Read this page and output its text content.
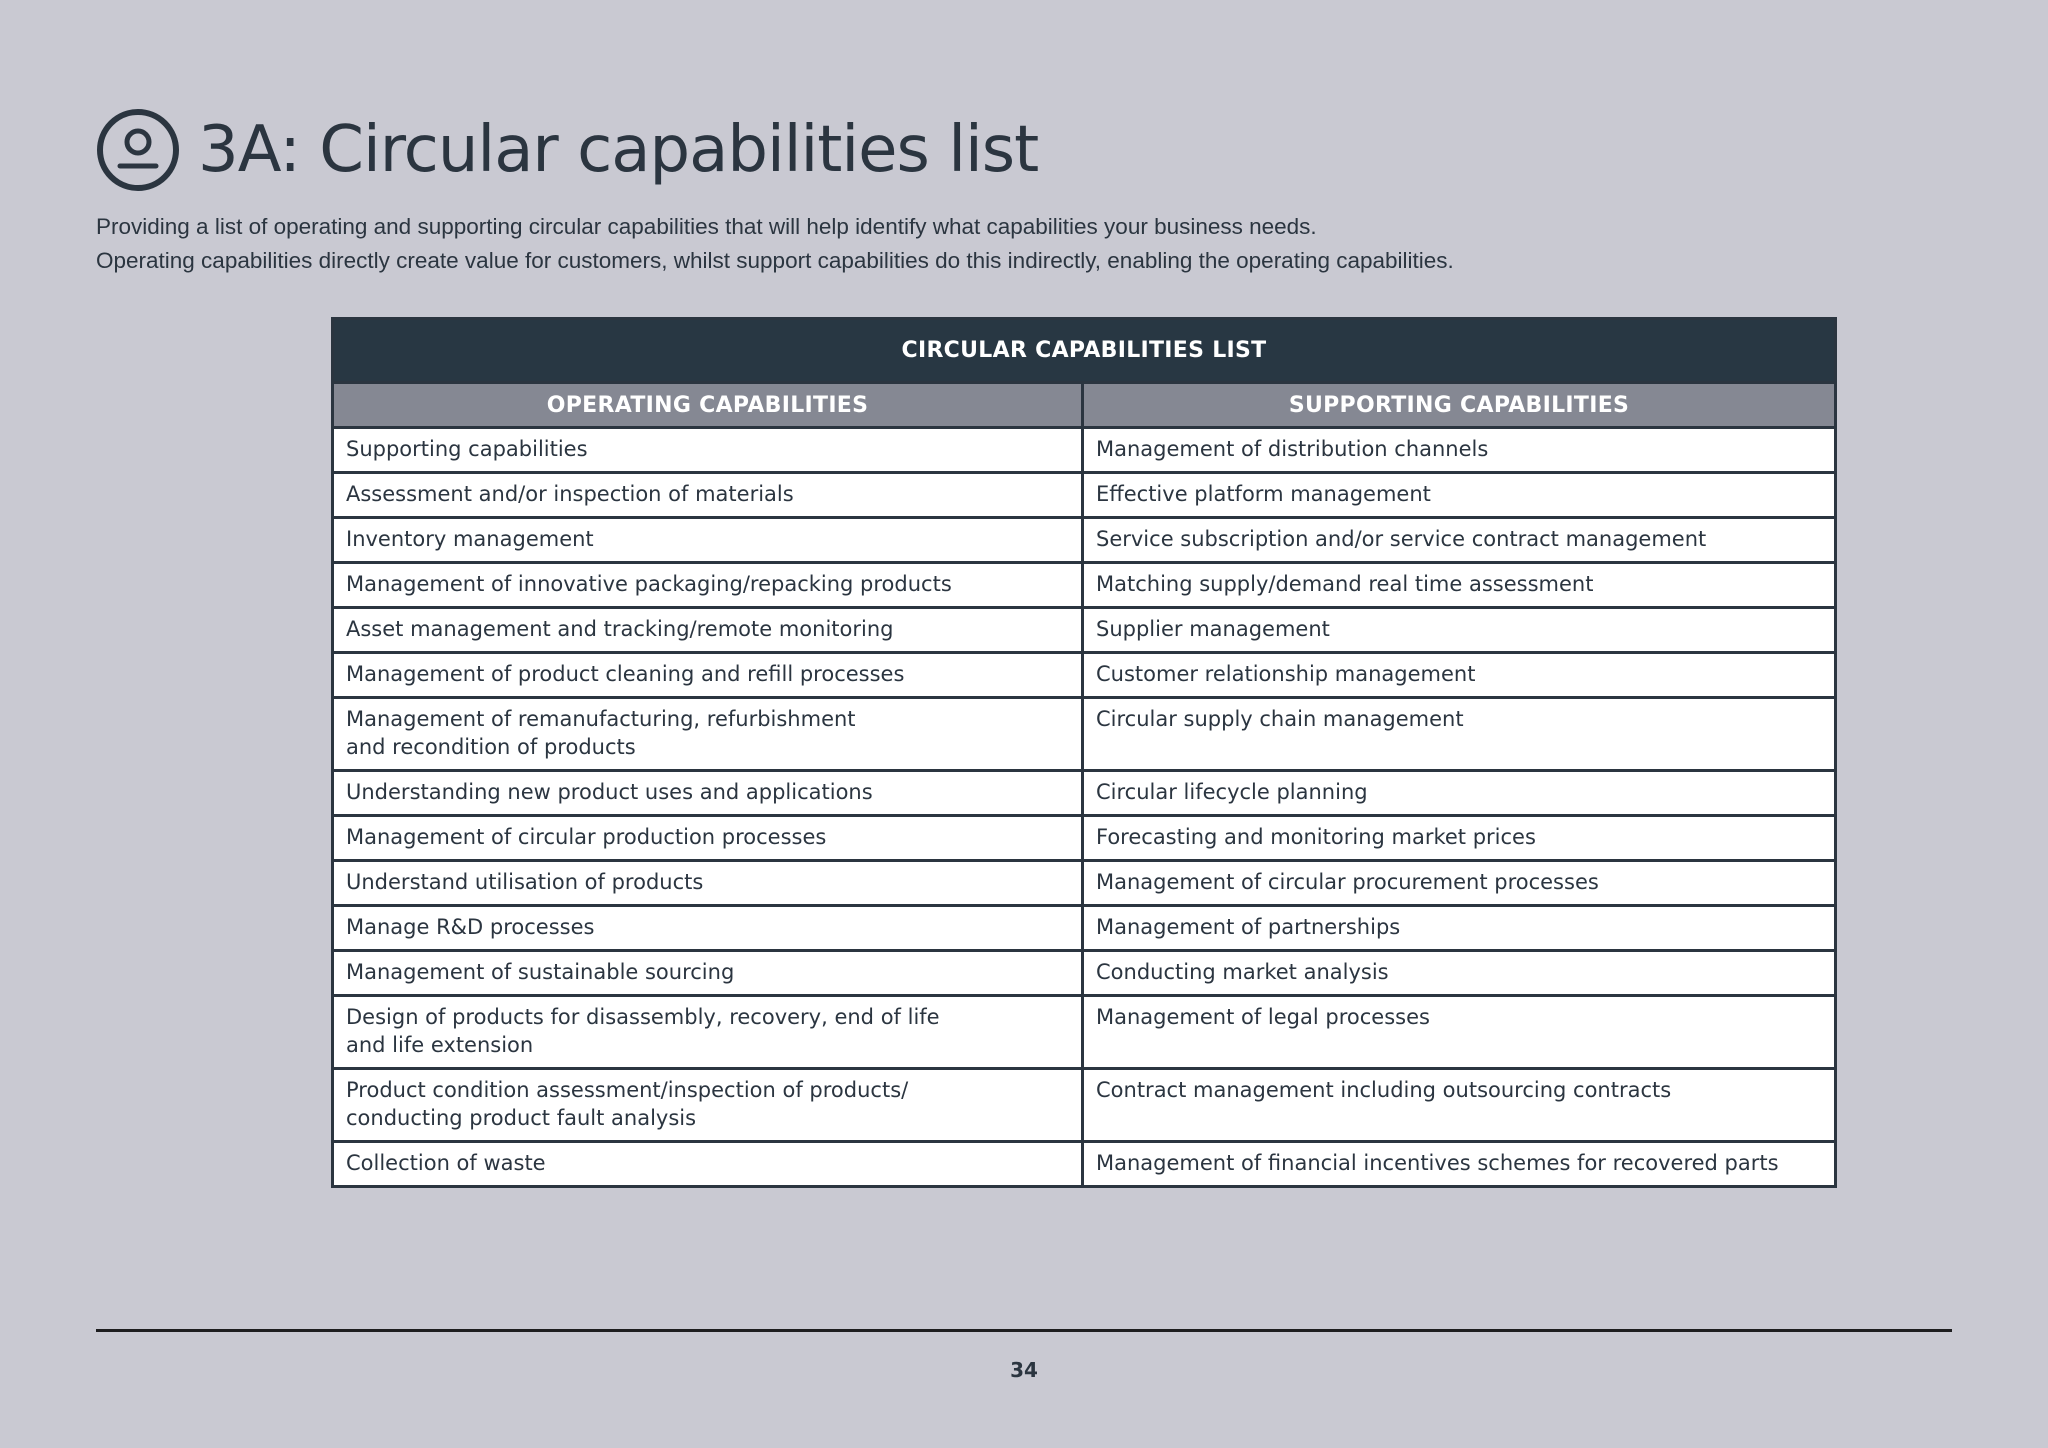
3A: Circular capabilities list

Providing a list of operating and supporting circular capabilities that will help identify what capabilities your business needs.

Operating capabilities directly create value for customers, whilst support capabilities do this indirectly, enabling the operating capabilities.

CIRCULAR CAPABILITIES LIST	
OPERATING CAPABILITIES	SUPPORTING CAPABILITIES
Supporting capabilities	Management of distribution channels
Assessment and/or inspection of materials	Effective platform management
Inventory management	Service subscription and/or service contract management
Management of innovative packaging/repacking products	Matching supply/demand real time assessment
Asset management and tracking/remote monitoring	Supplier management
Management of product cleaning and refill processes	Customer relationship management
Management of remanufacturing, refurbishment
and recondition of products	Circular supply chain management
Understanding new product uses and applications	Circular lifecycle planning
Management of circular production processes	Forecasting and monitoring market prices
Understand utilisation of products	Management of circular procurement processes
Manage R&D processes	Management of partnerships
Management of sustainable sourcing	Conducting market analysis
Design of products for disassembly, recovery, end of life
and life extension	Management of legal processes
Product condition assessment/inspection of products/
conducting product fault analysis	Contract management including outsourcing contracts
Collection of waste	Management of financial incentives schemes for recovered parts
34
